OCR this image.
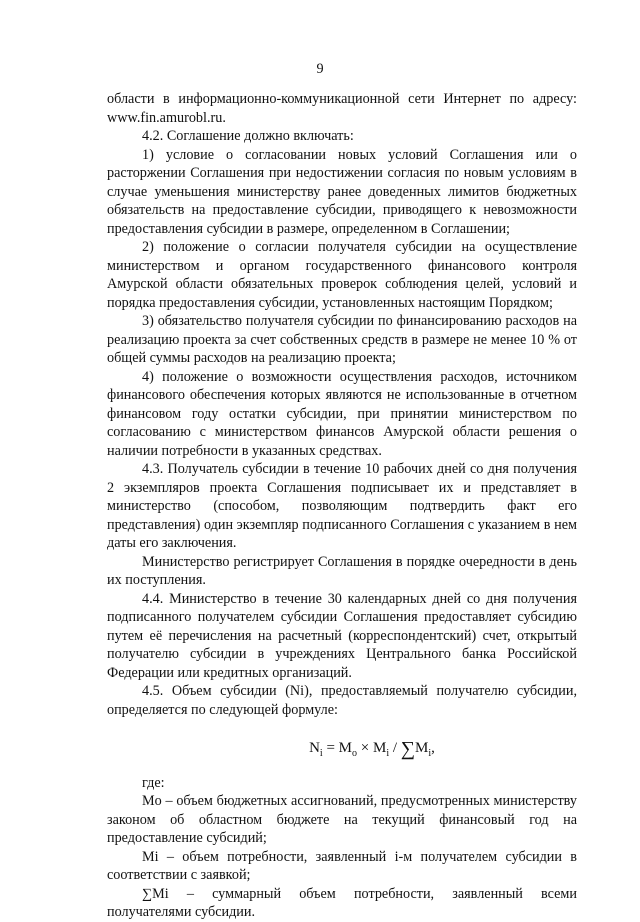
9

области в информационно-коммуникационной сети Интернет по адресу: www.fin.amurobl.ru.

4.2. Соглашение должно включать:

1) условие о согласовании новых условий Соглашения или о расторжении Соглашения при недостижении согласия по новым условиям в случае уменьшения министерству ранее доведенных лимитов бюджетных обязательств на предоставление субсидии, приводящего к невозможности предоставления субсидии в размере, определенном в Соглашении;

2) положение о согласии получателя субсидии на осуществление министерством и органом государственного финансового контроля Амурской области обязательных проверок соблюдения целей, условий и порядка предоставления субсидии, установленных настоящим Порядком;

3) обязательство получателя субсидии по финансированию расходов на реализацию проекта за счет собственных средств в размере не менее 10 % от общей суммы расходов на реализацию проекта;

4) положение о возможности осуществления расходов, источником финансового обеспечения которых являются не использованные в отчетном финансовом году остатки субсидии, при принятии министерством по согласованию с министерством финансов Амурской области решения о наличии потребности в указанных средствах.

4.3. Получатель субсидии в течение 10 рабочих дней со дня получения 2 экземпляров проекта Соглашения подписывает их и представляет в министерство (способом, позволяющим подтвердить факт его представления) один экземпляр подписанного Соглашения с указанием в нем даты его заключения.

Министерство регистрирует Соглашения в порядке очередности в день их поступления.

4.4. Министерство в течение 30 календарных дней со дня получения подписанного получателем субсидии Соглашения предоставляет субсидию путем её перечисления на расчетный (корреспондентский) счет, открытый получателю субсидии в учреждениях Центрального банка Российской Федерации или кредитных организаций.

4.5. Объем субсидии (Ni), предоставляемый получателю субсидии, определяется по следующей формуле:

$N_i = M_o \times M_i / \sum M_i$,

где:

Mо – объем бюджетных ассигнований, предусмотренных министерству законом об областном бюджете на текущий финансовый год на предоставление субсидий;

Mi – объем потребности, заявленный i-м получателем субсидии в соответствии с заявкой;

∑Mi – суммарный объем потребности, заявленный всеми получателями субсидии.
